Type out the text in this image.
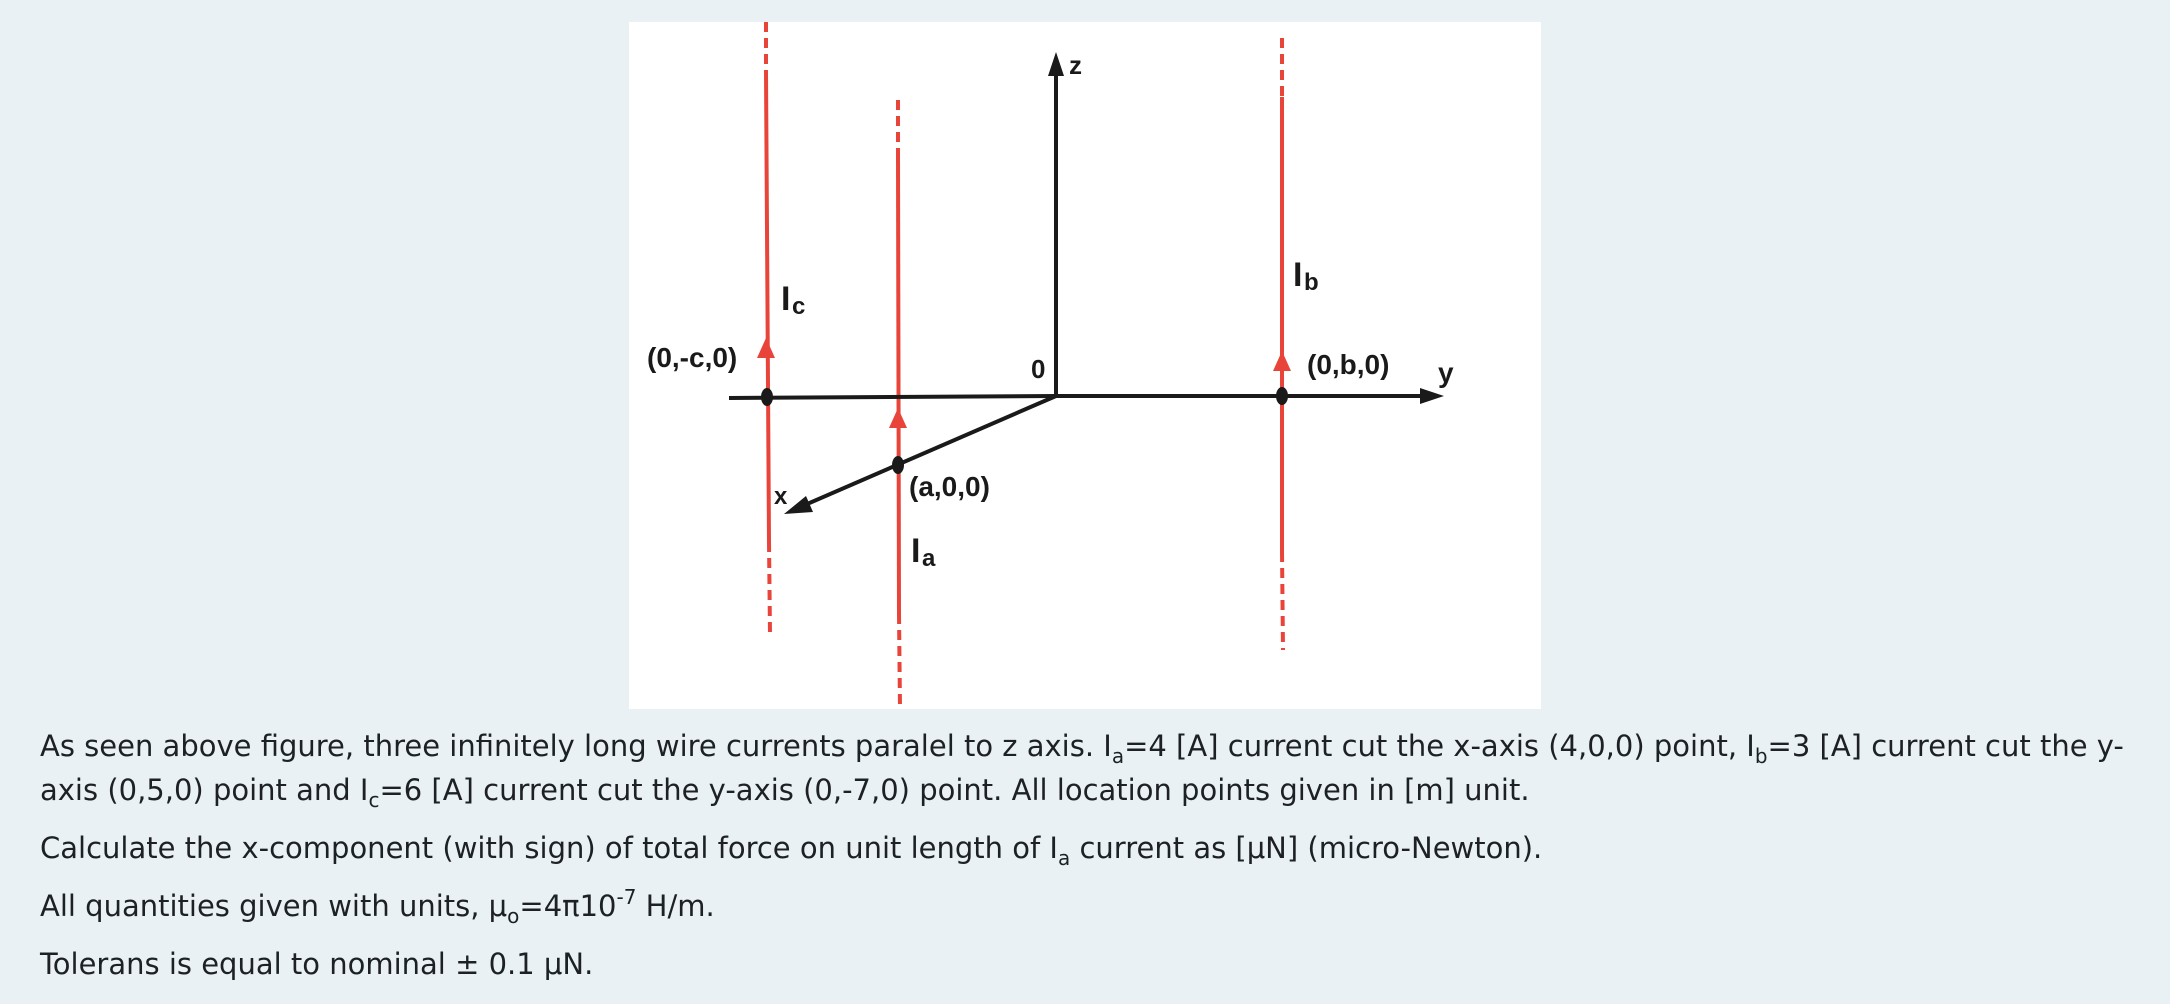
z
y
x
0
(0,-c,0)	(0,b,0)
(a,0,0)
I c
I b
I a

As seen above figure, three infinitely long wire currents paralel to z axis. $I_a=4$ [A] current cut the x-axis (4,0,0) point, $I_b=3$ [A] current cut the y-axis (0,5,0) point and $I_c=6$ [A] current cut the y-axis (0,-7,0) point. All location points given in [m] unit.

Calculate the x-component (with sign) of total force on unit length of $I_a$ current as [μN] (micro-Newton).

All quantities given with units, $\mu_o=4\pi 10^{-7}$ H/m.

Tolerans is equal to nominal ± 0.1 μN.
